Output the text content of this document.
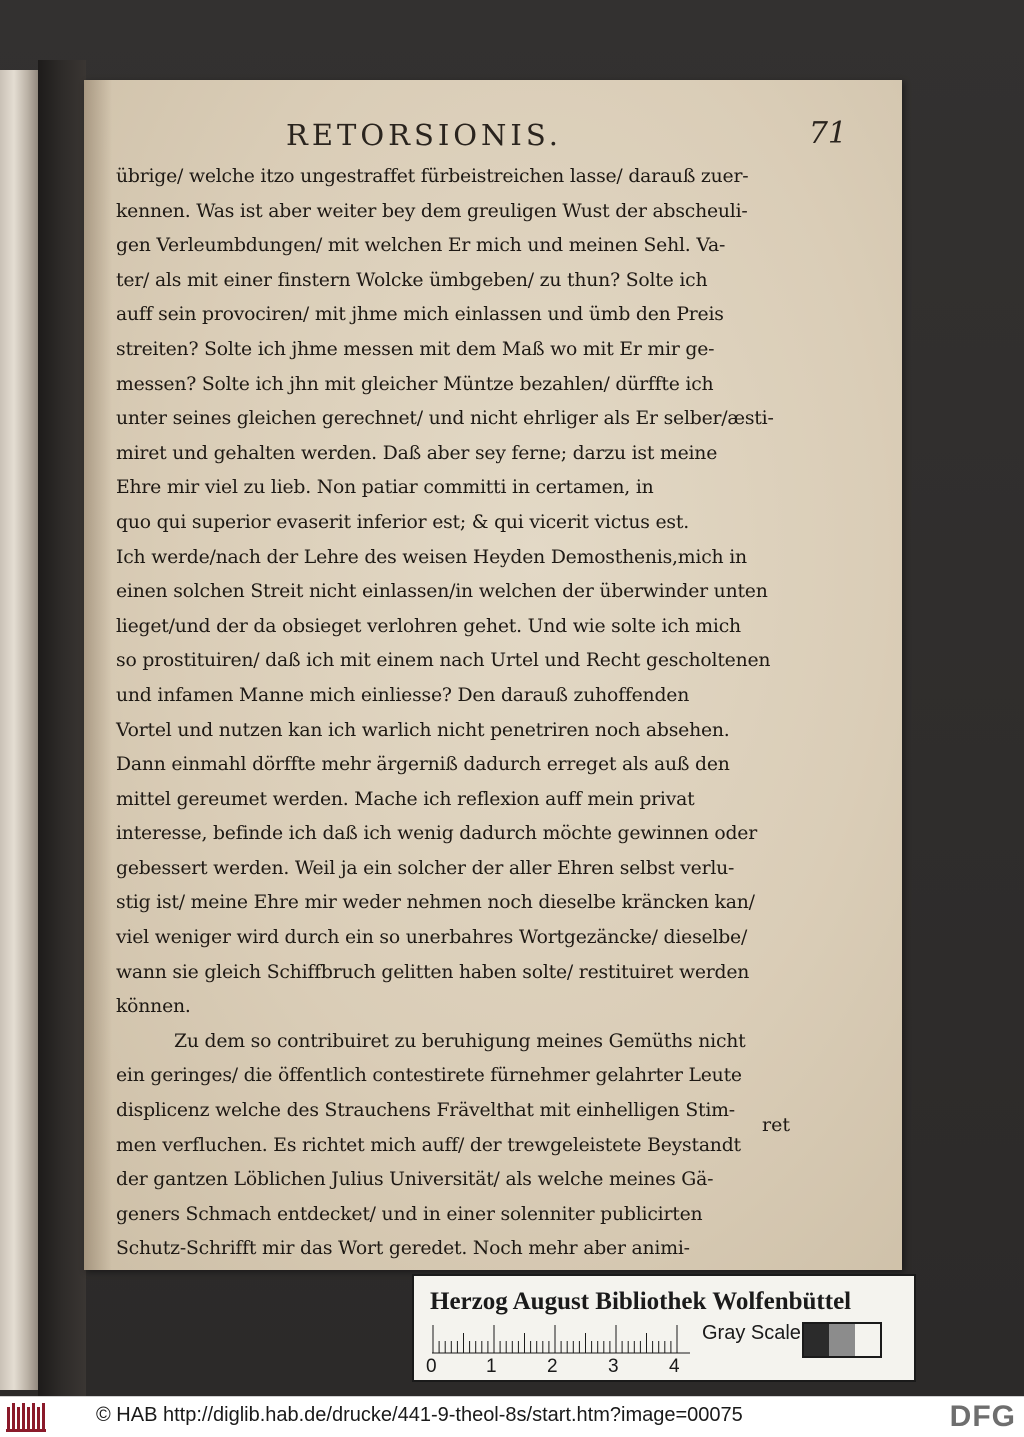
RETORSIONIS.	71
übrige/ welche itzo ungestraffet fürbeistreichen lasse/ darauß zuer-
kennen. Was ist aber weiter bey dem greuligen Wust der abscheuli-
gen Verleumbdungen/ mit welchen Er mich und meinen Sehl. Va-
ter/ als mit einer finstern Wolcke ümbgeben/ zu thun? Solte ich
auff sein provociren/ mit jhme mich einlassen und ümb den Preis
streiten? Solte ich jhme messen mit dem Maß wo mit Er mir ge-
messen? Solte ich jhn mit gleicher Müntze bezahlen/ dürffte ich
unter seines gleichen gerechnet/ und nicht ehrliger als Er selber/æsti-
miret und gehalten werden. Daß aber sey ferne; darzu ist meine
Ehre mir viel zu lieb. Non patiar committi in certamen, in
quo qui superior evaserit inferior est; & qui vicerit victus est.
Ich werde/nach der Lehre des weisen Heyden Demosthenis,mich in
einen solchen Streit nicht einlassen/in welchen der überwinder unten
lieget/und der da obsieget verlohren gehet. Und wie solte ich mich
so prostituiren/ daß ich mit einem nach Urtel und Recht gescholtenen
und infamen Manne mich einliesse? Den darauß zuhoffenden
Vortel und nutzen kan ich warlich nicht penetriren noch absehen.
Dann einmahl dörffte mehr ärgerniß dadurch erreget als auß den
mittel gereumet werden. Mache ich reflexion auff mein privat
interesse, befinde ich daß ich wenig dadurch möchte gewinnen oder
gebessert werden. Weil ja ein solcher der aller Ehren selbst verlu-
stig ist/ meine Ehre mir weder nehmen noch dieselbe kräncken kan/
viel weniger wird durch ein so unerbahres Wortgezäncke/ dieselbe/
wann sie gleich Schiffbruch gelitten haben solte/ restituiret werden
können.
Zu dem so contribuiret zu beruhigung meines Gemüths nicht
ein geringes/ die öffentlich contestirete fürnehmer gelahrter Leute
displicenz welche des Strauchens Frävelthat mit einhelligen Stim-
men verfluchen. Es richtet mich auff/ der trewgeleistete Beystandt
der gantzen Löblichen Julius Universität/ als welche meines Gä-
geners Schmach entdecket/ und in einer solenniter publicirten
Schutz-Schrifft mir das Wort geredet. Noch mehr aber animi-
ret
Herzog August Bibliothek Wolfenbüttel
0	1	2	3	4
Gray Scale
© HAB http://diglib.hab.de/drucke/441-9-theol-8s/start.htm?image=00075	DFG
